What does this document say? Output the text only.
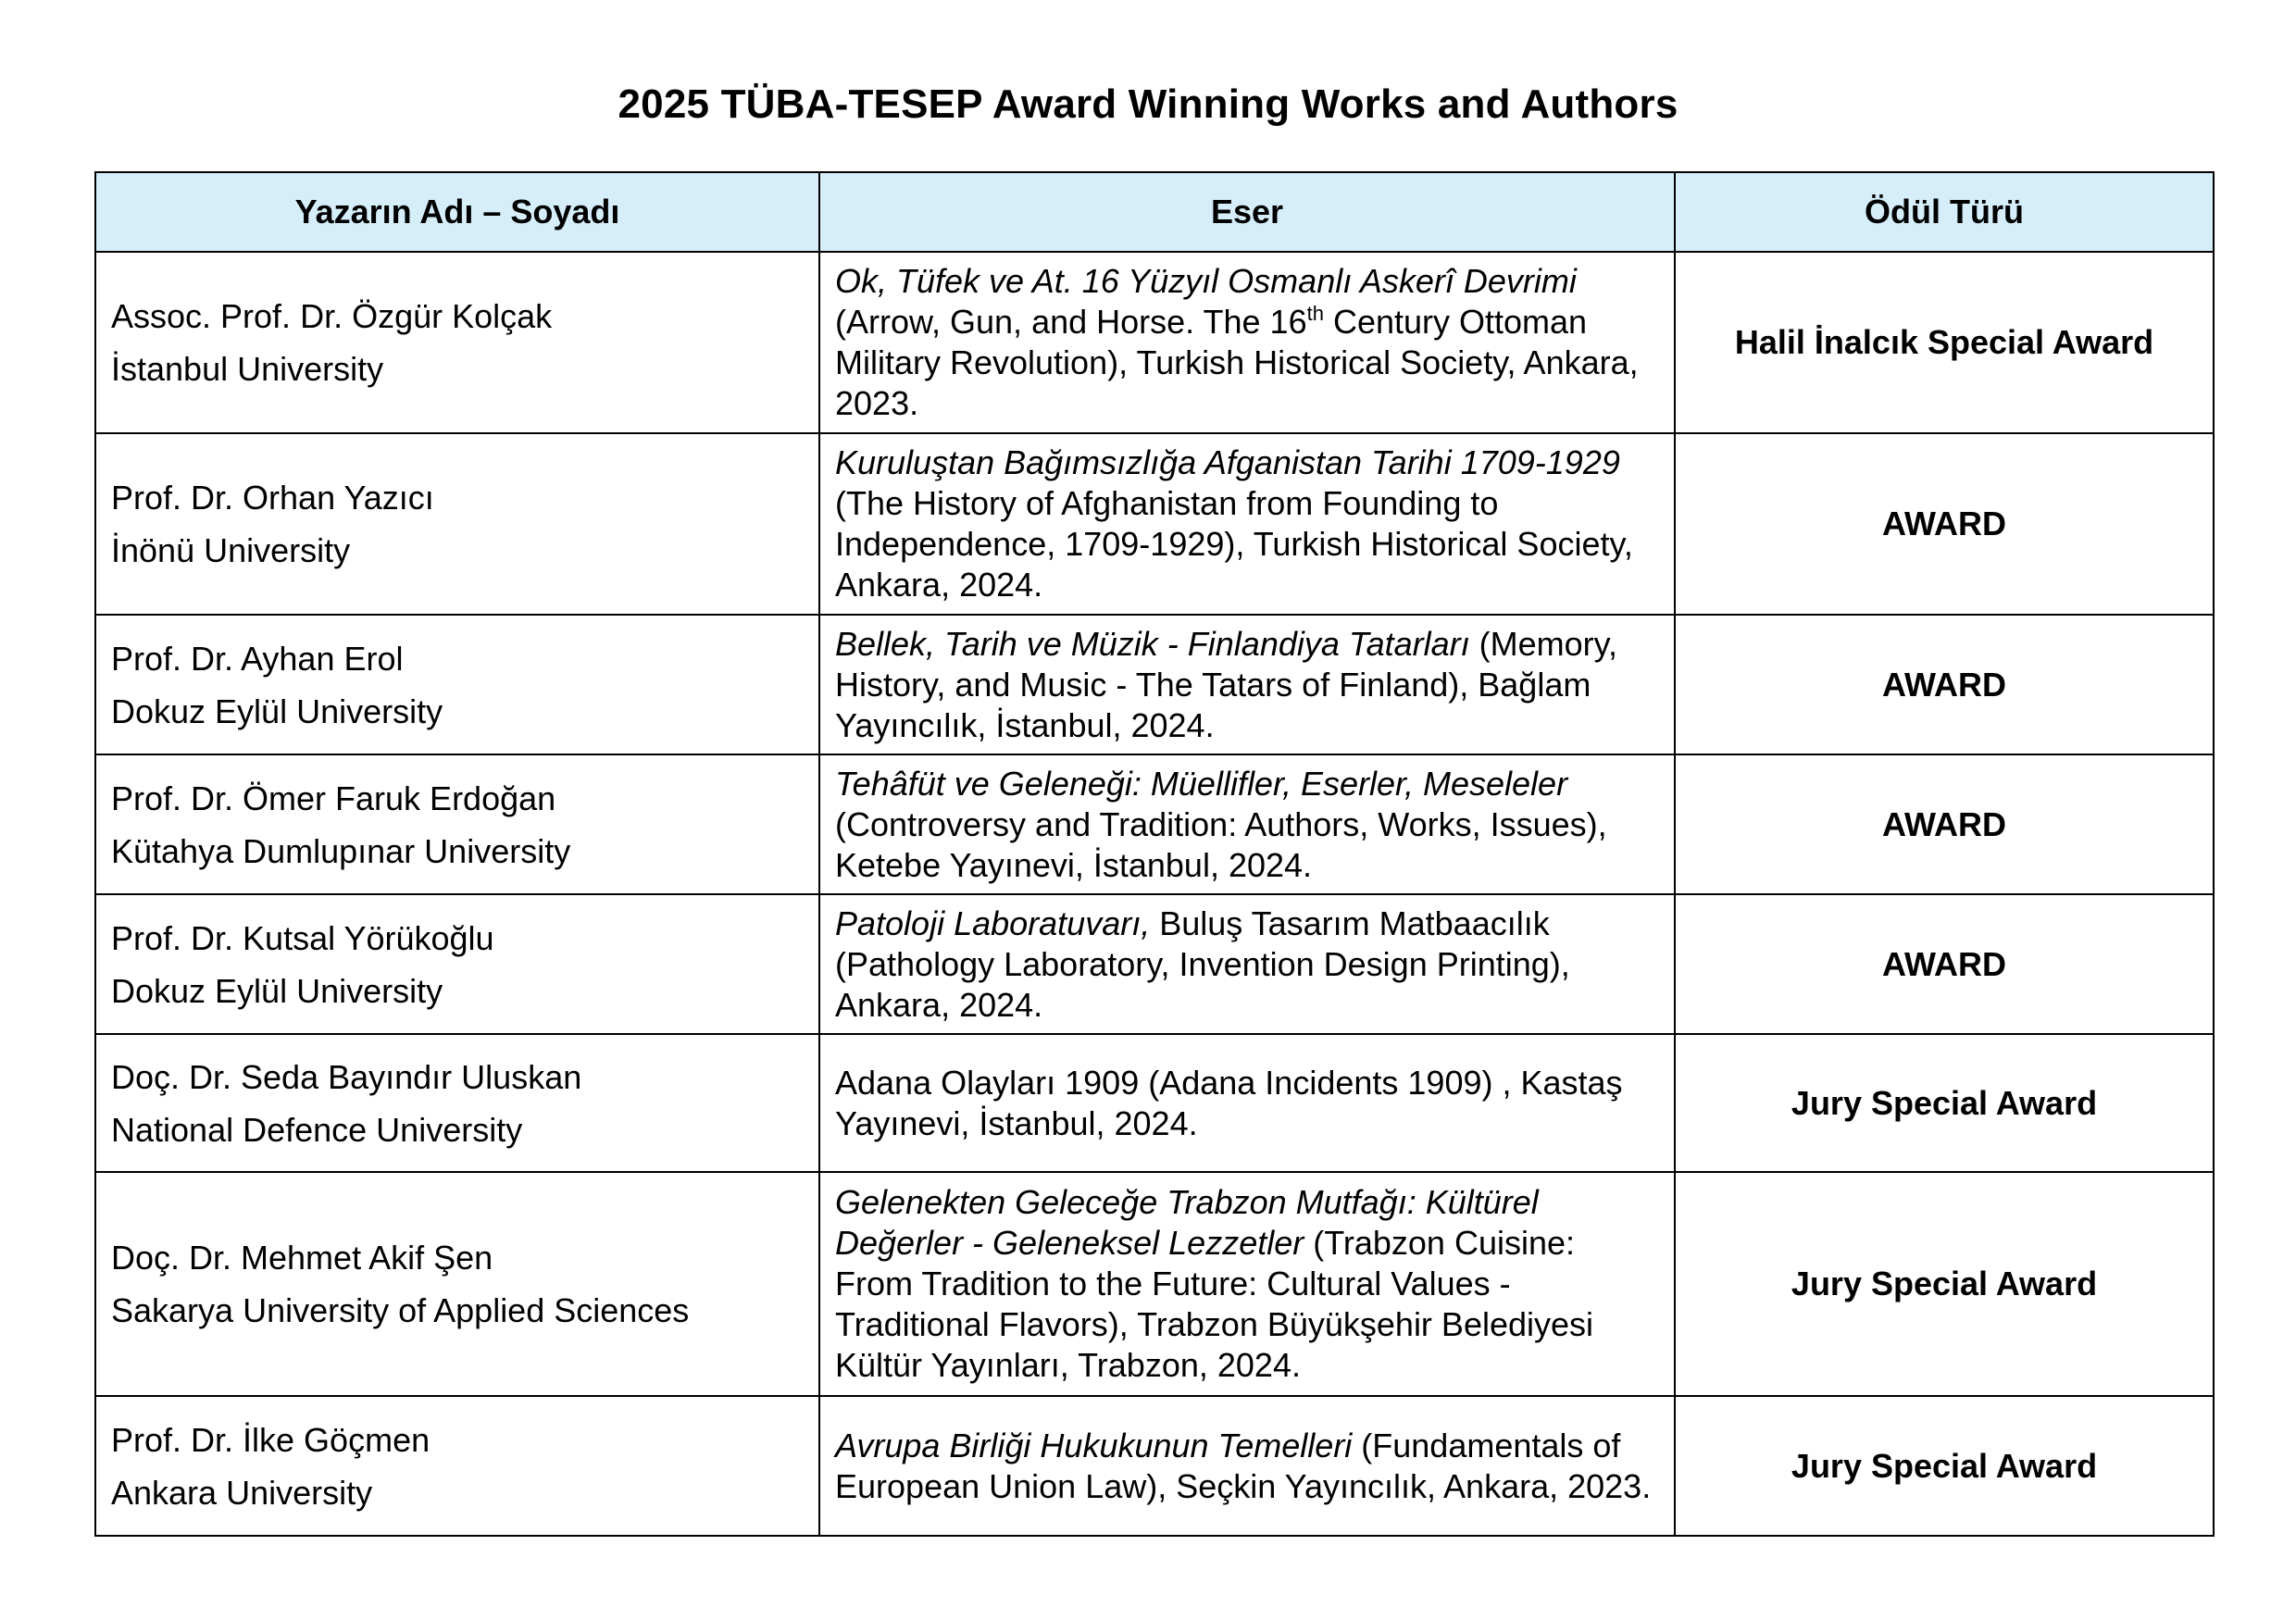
2025 TÜBA-TESEP Award Winning Works and Authors
Yazarın Adı – Soyadı	Eser	Ödül Türü

Assoc. Prof. Dr. Özgür Kolçak
İstanbul University	Ok, Tüfek ve At. 16 Yüzyıl Osmanlı Askerî Devrimi (Arrow, Gun, and Horse. The 16th Century Ottoman Military Revolution), Turkish Historical Society, Ankara, 2023.	Halil İnalcık Special Award

Prof. Dr. Orhan Yazıcı
İnönü University	Kuruluştan Bağımsızlığa Afganistan Tarihi 1709-1929 (The History of Afghanistan from Founding to Independence, 1709-1929), Turkish Historical Society, Ankara, 2024.	AWARD

Prof. Dr. Ayhan Erol
Dokuz Eylül University	Bellek, Tarih ve Müzik - Finlandiya Tatarları (Memory, History, and Music - The Tatars of Finland), Bağlam Yayıncılık, İstanbul, 2024.	AWARD

Prof. Dr. Ömer Faruk Erdoğan
Kütahya Dumlupınar University	Tehâfüt ve Geleneği: Müellifler, Eserler, Meseleler (Controversy and Tradition: Authors, Works, Issues), Ketebe Yayınevi, İstanbul, 2024.	AWARD

Prof. Dr. Kutsal Yörükoğlu
Dokuz Eylül University	Patoloji Laboratuvarı, Buluş Tasarım Matbaacılık (Pathology Laboratory, Invention Design Printing), Ankara, 2024.	AWARD

Doç. Dr. Seda Bayındır Uluskan
National Defence University	Adana Olayları 1909 (Adana Incidents 1909) , Kastaş Yayınevi, İstanbul, 2024.	Jury Special Award

Doç. Dr. Mehmet Akif Şen
Sakarya University of Applied Sciences	Gelenekten Geleceğe Trabzon Mutfağı: Kültürel Değerler - Geleneksel Lezzetler (Trabzon Cuisine: From Tradition to the Future: Cultural Values - Traditional Flavors), Trabzon Büyükşehir Belediyesi Kültür Yayınları, Trabzon, 2024.	Jury Special Award

Prof. Dr. İlke Göçmen
Ankara University	Avrupa Birliği Hukukunun Temelleri (Fundamentals of European Union Law), Seçkin Yayıncılık, Ankara, 2023.	Jury Special Award
